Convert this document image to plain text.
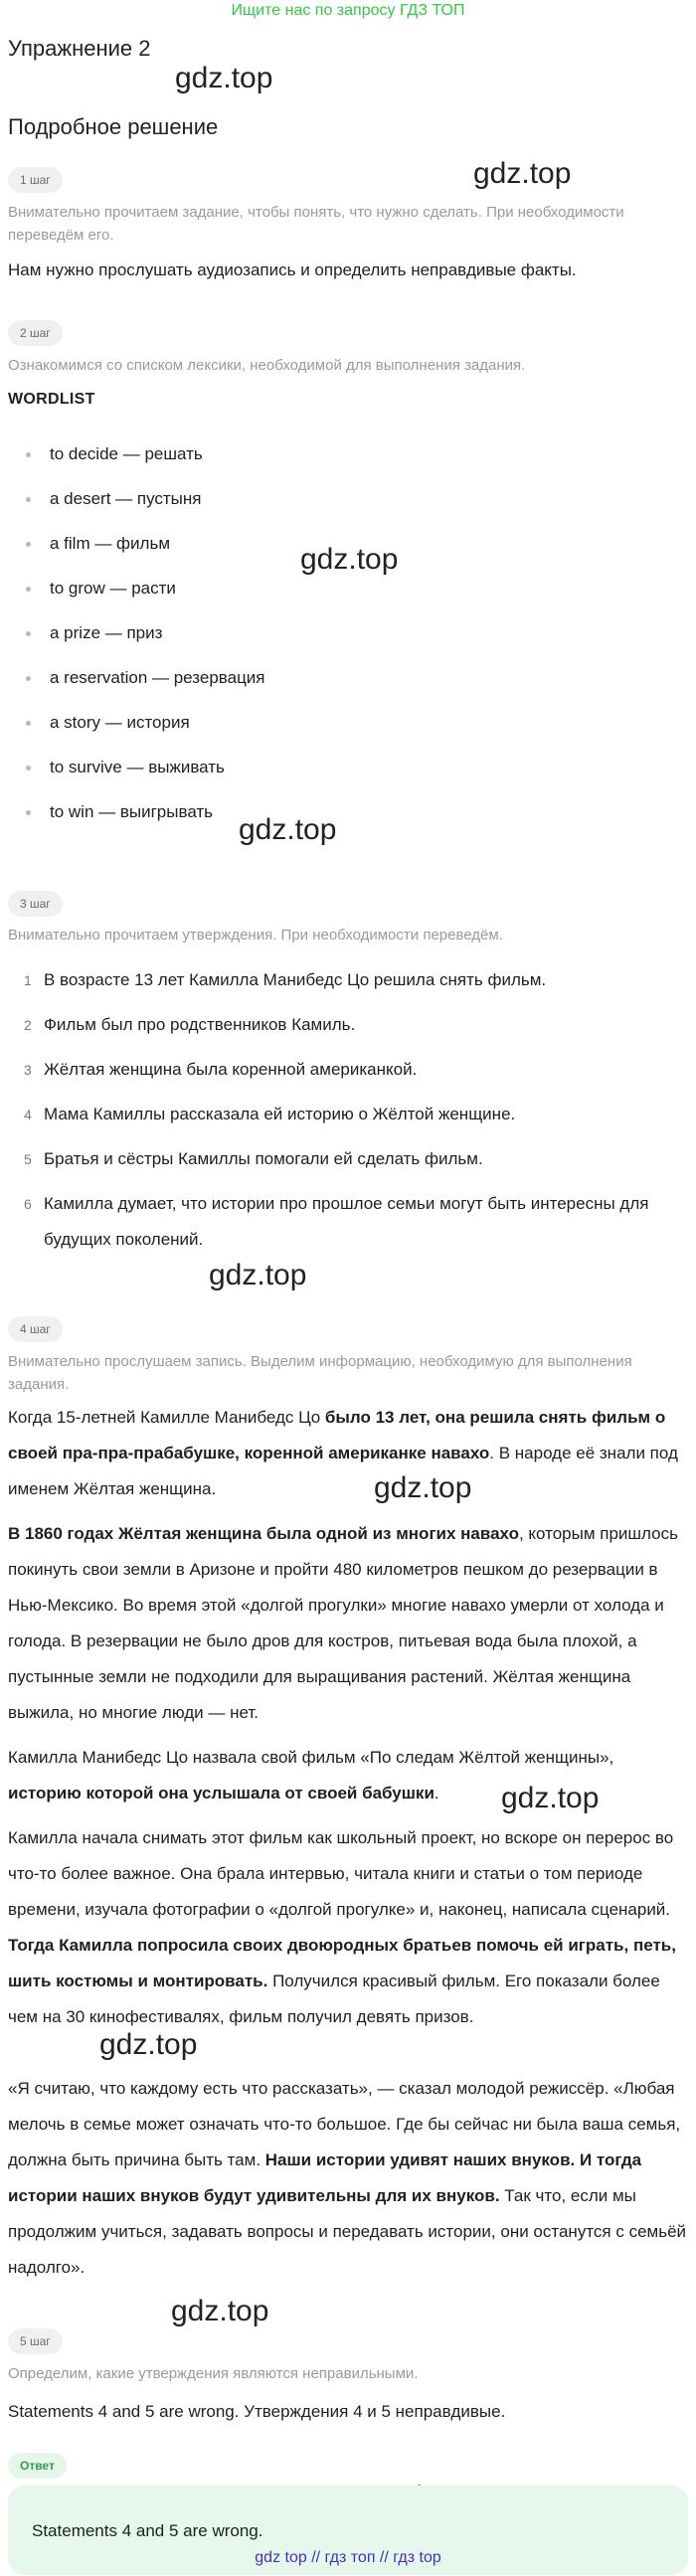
Ищите нас по запросу ГДЗ ТОП
Упражнение 2
Подробное решение
gdz.top
gdz.top
gdz.top
gdz.top
gdz.top
gdz.top
gdz.top
gdz.top
gdz.top
1 шаг
Внимательно прочитаем задание, чтобы понять, что нужно сделать. При необходимости переведём его.
Нам нужно прослушать аудиозапись и определить неправдивые факты.
2 шаг
Ознакомимся со списком лексики, необходимой для выполнения задания.
WORDLIST
to decide — решать
a desert — пустыня
a film — фильм
to grow — расти
a prize — приз
a reservation — резервация
a story — история
to survive — выживать
to win — выигрывать
3 шаг
Внимательно прочитаем утверждения. При необходимости переведём.
1 В возрасте 13 лет Камилла Манибедс Цо решила снять фильм.
2 Фильм был про родственников Камиль.
3 Жёлтая женщина была коренной американкой.
4 Мама Камиллы рассказала ей историю о Жёлтой женщине.
5 Братья и сёстры Камиллы помогали ей сделать фильм.
6 Камилла думает, что истории про прошлое семьи могут быть интересны для будущих поколений.
4 шаг
Внимательно прослушаем запись. Выделим информацию, необходимую для выполнения задания.

Когда 15-летней Камилле Манибедс Цо было 13 лет, она решила снять фильм о своей пра-пра-прабабушке, коренной американке навахо. В народе её знали под именем Жёлтая женщина.

В 1860 годах Жёлтая женщина была одной из многих навахо, которым пришлось покинуть свои земли в Аризоне и пройти 480 километров пешком до резервации в Нью-Мексико. Во время этой «долгой прогулки» многие навахо умерли от холода и голода. В резервации не было дров для костров, питьевая вода была плохой, а пустынные земли не подходили для выращивания растений. Жёлтая женщина выжила, но многие люди — нет.

Камилла Манибедс Цо назвала свой фильм «По следам Жёлтой женщины», историю которой она услышала от своей бабушки.

Камилла начала снимать этот фильм как школьный проект, но вскоре он перерос во что-то более важное. Она брала интервью, читала книги и статьи о том периоде времени, изучала фотографии о «долгой прогулке» и, наконец, написала сценарий. Тогда Камилла попросила своих двоюродных братьев помочь ей играть, петь, шить костюмы и монтировать. Получился красивый фильм. Его показали более чем на 30 кинофестивалях, фильм получил девять призов.

«Я считаю, что каждому есть что рассказать», — сказал молодой режиссёр. «Любая мелочь в семье может означать что-то большое. Где бы сейчас ни была ваша семья, должна быть причина быть там. Наши истории удивят наших внуков. И тогда истории наших внуков будут удивительны для их внуков. Так что, если мы продолжим учиться, задавать вопросы и передавать истории, они останутся с семьёй надолго».

5 шаг
Определим, какие утверждения являются неправильными.
Statements 4 and 5 are wrong. Утверждения 4 и 5 неправдивые.
Ответ
Statements 4 and 5 are wrong.
gdz top // гдз топ // гдз top
